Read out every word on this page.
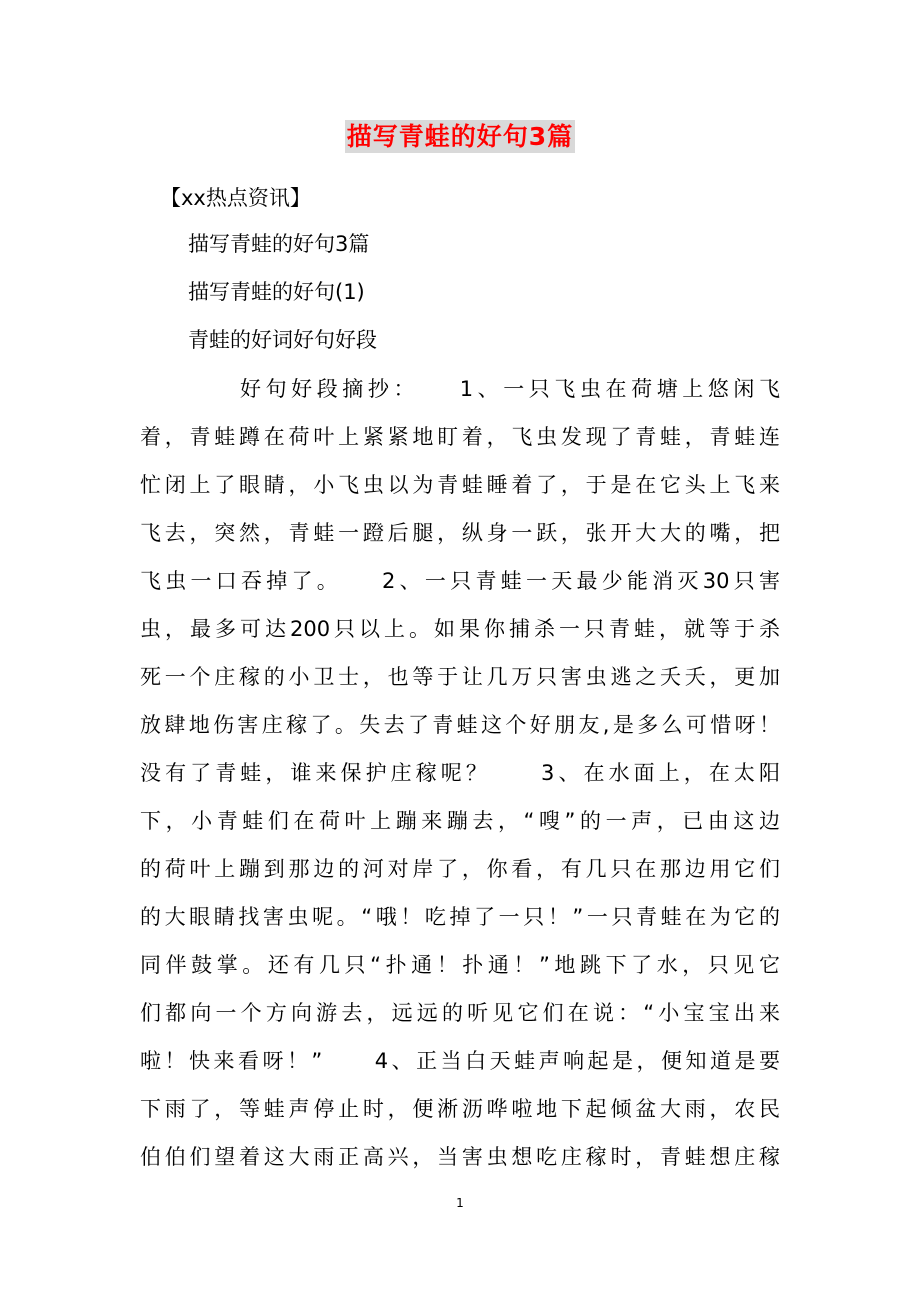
描写青蛙的好句3篇
【xx热点资讯】
描写青蛙的好句3篇
描写青蛙的好句(1)
青蛙的好词好句好段
好句好段摘抄：　　1、一只飞虫在荷塘上悠闲飞
着，青蛙蹲在荷叶上紧紧地盯着，飞虫发现了青蛙，青蛙连
忙闭上了眼睛，小飞虫以为青蛙睡着了，于是在它头上飞来
飞去，突然，青蛙一蹬后腿，纵身一跃，张开大大的嘴，把
飞虫一口吞掉了。　　2、一只青蛙一天最少能消灭30只害
虫，最多可达200只以上。如果你捕杀一只青蛙，就等于杀
死一个庄稼的小卫士，也等于让几万只害虫逃之夭夭，更加
放肆地伤害庄稼了。失去了青蛙这个好朋友,是多么可惜呀！
没有了青蛙，谁来保护庄稼呢？　　3、在水面上，在太阳
下，小青蛙们在荷叶上蹦来蹦去，“嗖”的一声，已由这边
的荷叶上蹦到那边的河对岸了，你看，有几只在那边用它们
的大眼睛找害虫呢。“哦！吃掉了一只！”一只青蛙在为它的
同伴鼓掌。还有几只“扑通！扑通！”地跳下了水，只见它
们都向一个方向游去，远远的听见它们在说：“小宝宝出来
啦！快来看呀！”　　4、正当白天蛙声响起是，便知道是要
下雨了，等蛙声停止时，便淅沥哗啦地下起倾盆大雨，农民
伯伯们望着这大雨正高兴，当害虫想吃庄稼时，青蛙想庄稼
1
